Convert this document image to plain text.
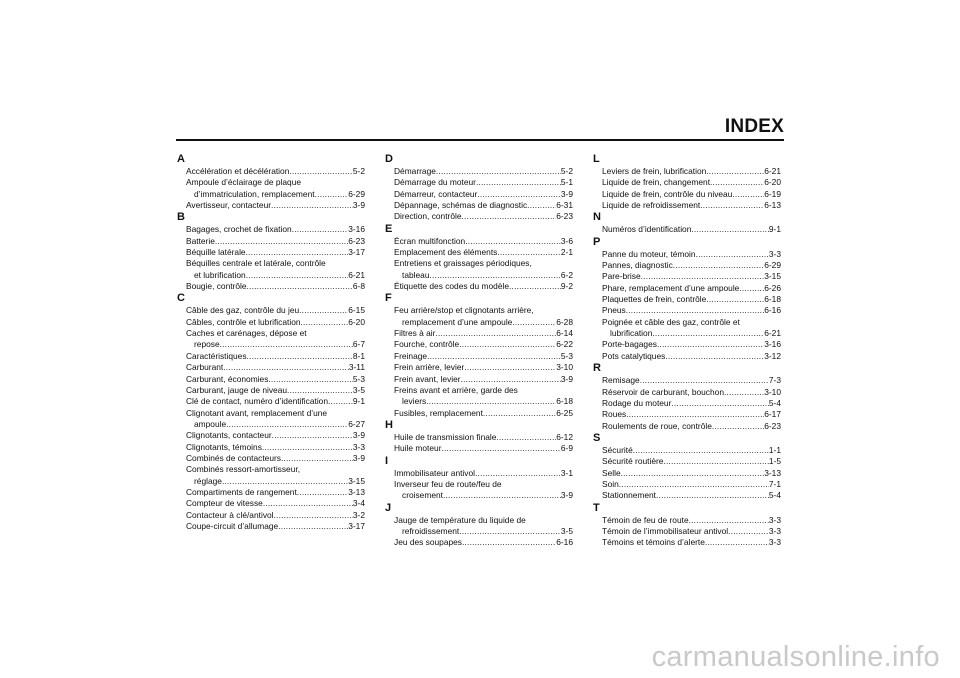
INDEX
A
Accélération et décélération .....	5-2
Ampoule d’éclairage de plaque
d’immatriculation, remplacement .....	6-29
Avertisseur, contacteur .....	3-9
B
Bagages, crochet de fixation .....	3-16
Batterie .....	6-23
Béquille latérale .....	3-17
Béquilles centrale et latérale, contrôle
et lubrification .....	6-21
Bougie, contrôle .....	6-8
C
Câble des gaz, contrôle du jeu .....	6-15
Câbles, contrôle et lubrification .....	6-20
Caches et carénages, dépose et
repose .....	6-7
Caractéristiques .....	8-1
Carburant .....	3-11
Carburant, économies .....	5-3
Carburant, jauge de niveau .....	3-5
Clé de contact, numéro d’identification .....	9-1
Clignotant avant, remplacement d’une
ampoule .....	6-27
Clignotants, contacteur .....	3-9
Clignotants, témoins .....	3-3
Combinés de contacteurs .....	3-9
Combinés ressort-amortisseur,
réglage .....	3-15
Compartiments de rangement .....	3-13
Compteur de vitesse .....	3-4
Contacteur à clé/antivol .....	3-2
Coupe-circuit d’allumage .....	3-17
D
Démarrage .....	5-2
Démarrage du moteur .....	5-1
Démarreur, contacteur .....	3-9
Dépannage, schémas de diagnostic .....	6-31
Direction, contrôle .....	6-23
E
Écran multifonction .....	3-6
Emplacement des éléments .....	2-1
Entretiens et graissages périodiques,
tableau .....	6-2
Étiquette des codes du modèle .....	9-2
F
Feu arrière/stop et clignotants arrière,
remplacement d’une ampoule .....	6-28
Filtres à air .....	6-14
Fourche, contrôle .....	6-22
Freinage .....	5-3
Frein arrière, levier .....	3-10
Frein avant, levier .....	3-9
Freins avant et arrière, garde des
leviers .....	6-18
Fusibles, remplacement .....	6-25
H
Huile de transmission finale .....	6-12
Huile moteur .....	6-9
I
Immobilisateur antivol .....	3-1
Inverseur feu de route/feu de
croisement .....	3-9
J
Jauge de température du liquide de
refroidissement .....	3-5
Jeu des soupapes .....	6-16
L
Leviers de frein, lubrification .....	6-21
Liquide de frein, changement .....	6-20
Liquide de frein, contrôle du niveau .....	6-19
Liquide de refroidissement .....	6-13
N
Numéros d’identification .....	9-1
P
Panne du moteur, témoin .....	3-3
Pannes, diagnostic .....	6-29
Pare-brise .....	3-15
Phare, remplacement d’une ampoule .....	6-26
Plaquettes de frein, contrôle .....	6-18
Pneus .....	6-16
Poignée et câble des gaz, contrôle et
lubrification .....	6-21
Porte-bagages .....	3-16
Pots catalytiques .....	3-12
R
Remisage .....	7-3
Réservoir de carburant, bouchon .....	3-10
Rodage du moteur .....	5-4
Roues .....	6-17
Roulements de roue, contrôle .....	6-23
S
Sécurité .....	1-1
Sécurité routière .....	1-5
Selle .....	3-13
Soin .....	7-1
Stationnement .....	5-4
T
Témoin de feu de route .....	3-3
Témoin de l’immobilisateur antivol .....	3-3
Témoins et témoins d’alerte .....	3-3
carmanualsonline.info
